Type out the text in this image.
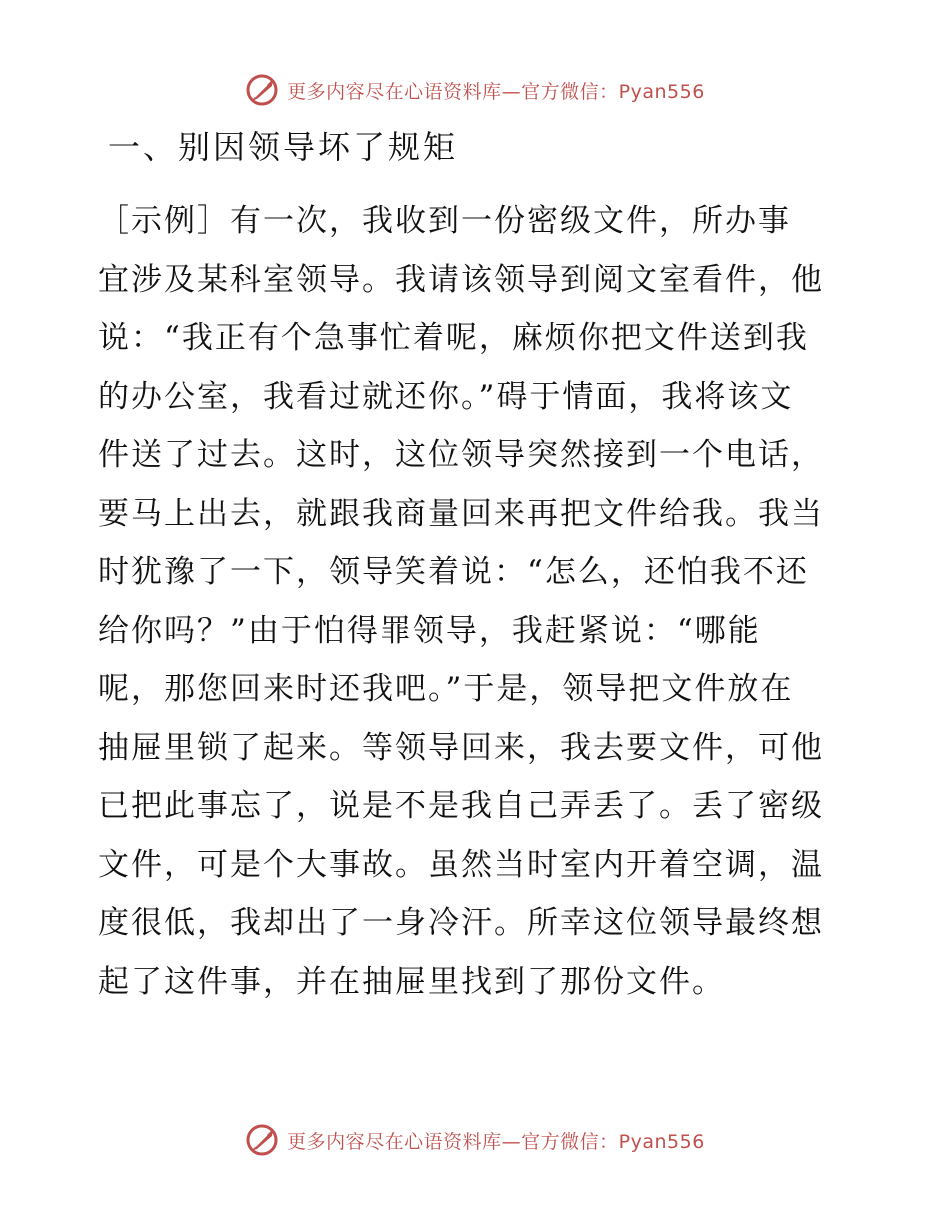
更多内容尽在心语资料库—官方微信：Pyan556
一、别因领导坏了规矩
［示例］有一次，我收到一份密级文件，所办事
宜涉及某科室领导。我请该领导到阅文室看件，他
说：“我正有个急事忙着呢，麻烦你把文件送到我
的办公室，我看过就还你。”碍于情面，我将该文
件送了过去。这时，这位领导突然接到一个电话，
要马上出去，就跟我商量回来再把文件给我。我当
时犹豫了一下，领导笑着说：“怎么，还怕我不还
给你吗？”由于怕得罪领导，我赶紧说：“哪能
呢，那您回来时还我吧。”于是，领导把文件放在
抽屉里锁了起来。等领导回来，我去要文件，可他
已把此事忘了，说是不是我自己弄丢了。丢了密级
文件，可是个大事故。虽然当时室内开着空调，温
度很低，我却出了一身冷汗。所幸这位领导最终想
起了这件事，并在抽屉里找到了那份文件。
更多内容尽在心语资料库—官方微信：Pyan556
